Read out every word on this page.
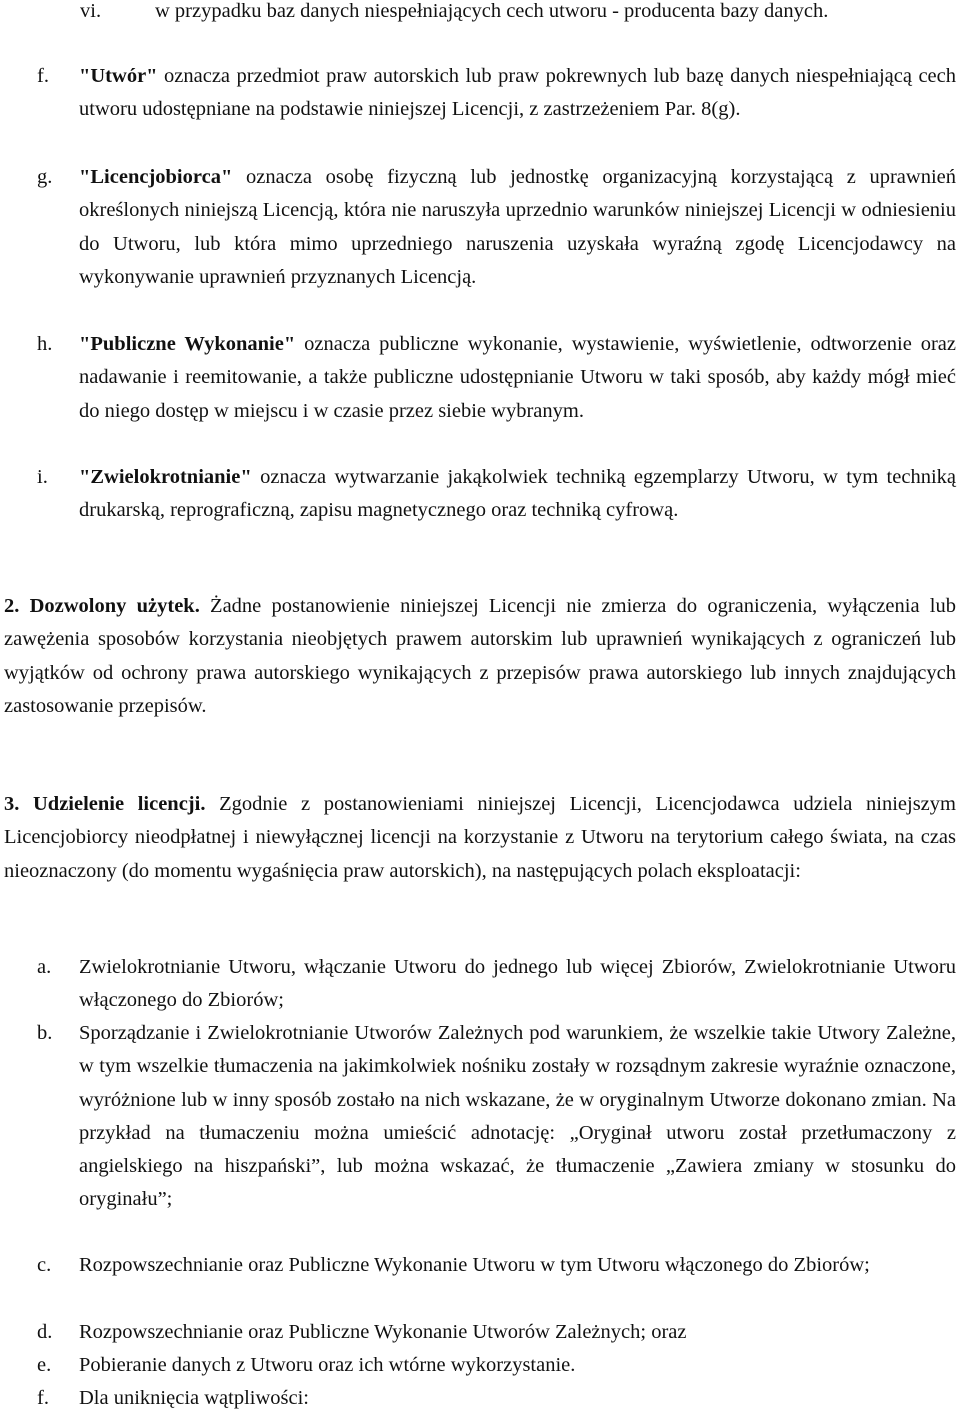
vi.	w przypadku baz danych niespełniających cech utworu - producenta bazy danych.
f.	"Utwór" oznacza przedmiot praw autorskich lub praw pokrewnych lub bazę danych niespełniającą cech utworu udostępniane na podstawie niniejszej Licencji, z zastrzeżeniem Par. 8(g).
g.	"Licencjobiorca" oznacza osobę fizyczną lub jednostkę organizacyjną korzystającą z uprawnień określonych niniejszą Licencją, która nie naruszyła uprzednio warunków niniejszej Licencji w odniesieniu do Utworu, lub która mimo uprzedniego naruszenia uzyskała wyraźną zgodę Licencjodawcy na wykonywanie uprawnień przyznanych Licencją.
h.	"Publiczne Wykonanie" oznacza publiczne wykonanie, wystawienie, wyświetlenie, odtworzenie oraz nadawanie i reemitowanie, a także publiczne udostępnianie Utworu w taki sposób, aby każdy mógł mieć do niego dostęp w miejscu i w czasie przez siebie wybranym.
i.	"Zwielokrotnianie" oznacza wytwarzanie jakąkolwiek techniką egzemplarzy Utworu, w tym techniką drukarską, reprograficzną, zapisu magnetycznego oraz techniką cyfrową.
2. Dozwolony użytek. Żadne postanowienie niniejszej Licencji nie zmierza do ograniczenia, wyłączenia lub zawężenia sposobów korzystania nieobjętych prawem autorskim lub uprawnień wynikających z ograniczeń lub wyjątków od ochrony prawa autorskiego wynikających z przepisów prawa autorskiego lub innych znajdujących zastosowanie przepisów.
3. Udzielenie licencji. Zgodnie z postanowieniami niniejszej Licencji, Licencjodawca udziela niniejszym Licencjobiorcy nieodpłatnej i niewyłącznej licencji na korzystanie z Utworu na terytorium całego świata, na czas nieoznaczony (do momentu wygaśnięcia praw autorskich), na następujących polach eksploatacji:
a.	Zwielokrotnianie Utworu, włączanie Utworu do jednego lub więcej Zbiorów, Zwielokrotnianie Utworu włączonego do Zbiorów;
b.	Sporządzanie i Zwielokrotnianie Utworów Zależnych pod warunkiem, że wszelkie takie Utwory Zależne, w tym wszelkie tłumaczenia na jakimkolwiek nośniku zostały w rozsądnym zakresie wyraźnie oznaczone, wyróżnione lub w inny sposób zostało na nich wskazane, że w oryginalnym Utworze dokonano zmian. Na przykład na tłumaczeniu można umieścić adnotację: „Oryginał utworu został przetłumaczony z angielskiego na hiszpański”, lub można wskazać, że tłumaczenie „Zawiera zmiany w stosunku do oryginału”;
c.	Rozpowszechnianie oraz Publiczne Wykonanie Utworu w tym Utworu włączonego do Zbiorów;
d.	Rozpowszechnianie oraz Publiczne Wykonanie Utworów Zależnych; oraz
e.	Pobieranie danych z Utworu oraz ich wtórne wykorzystanie.
f.	Dla uniknięcia wątpliwości:
